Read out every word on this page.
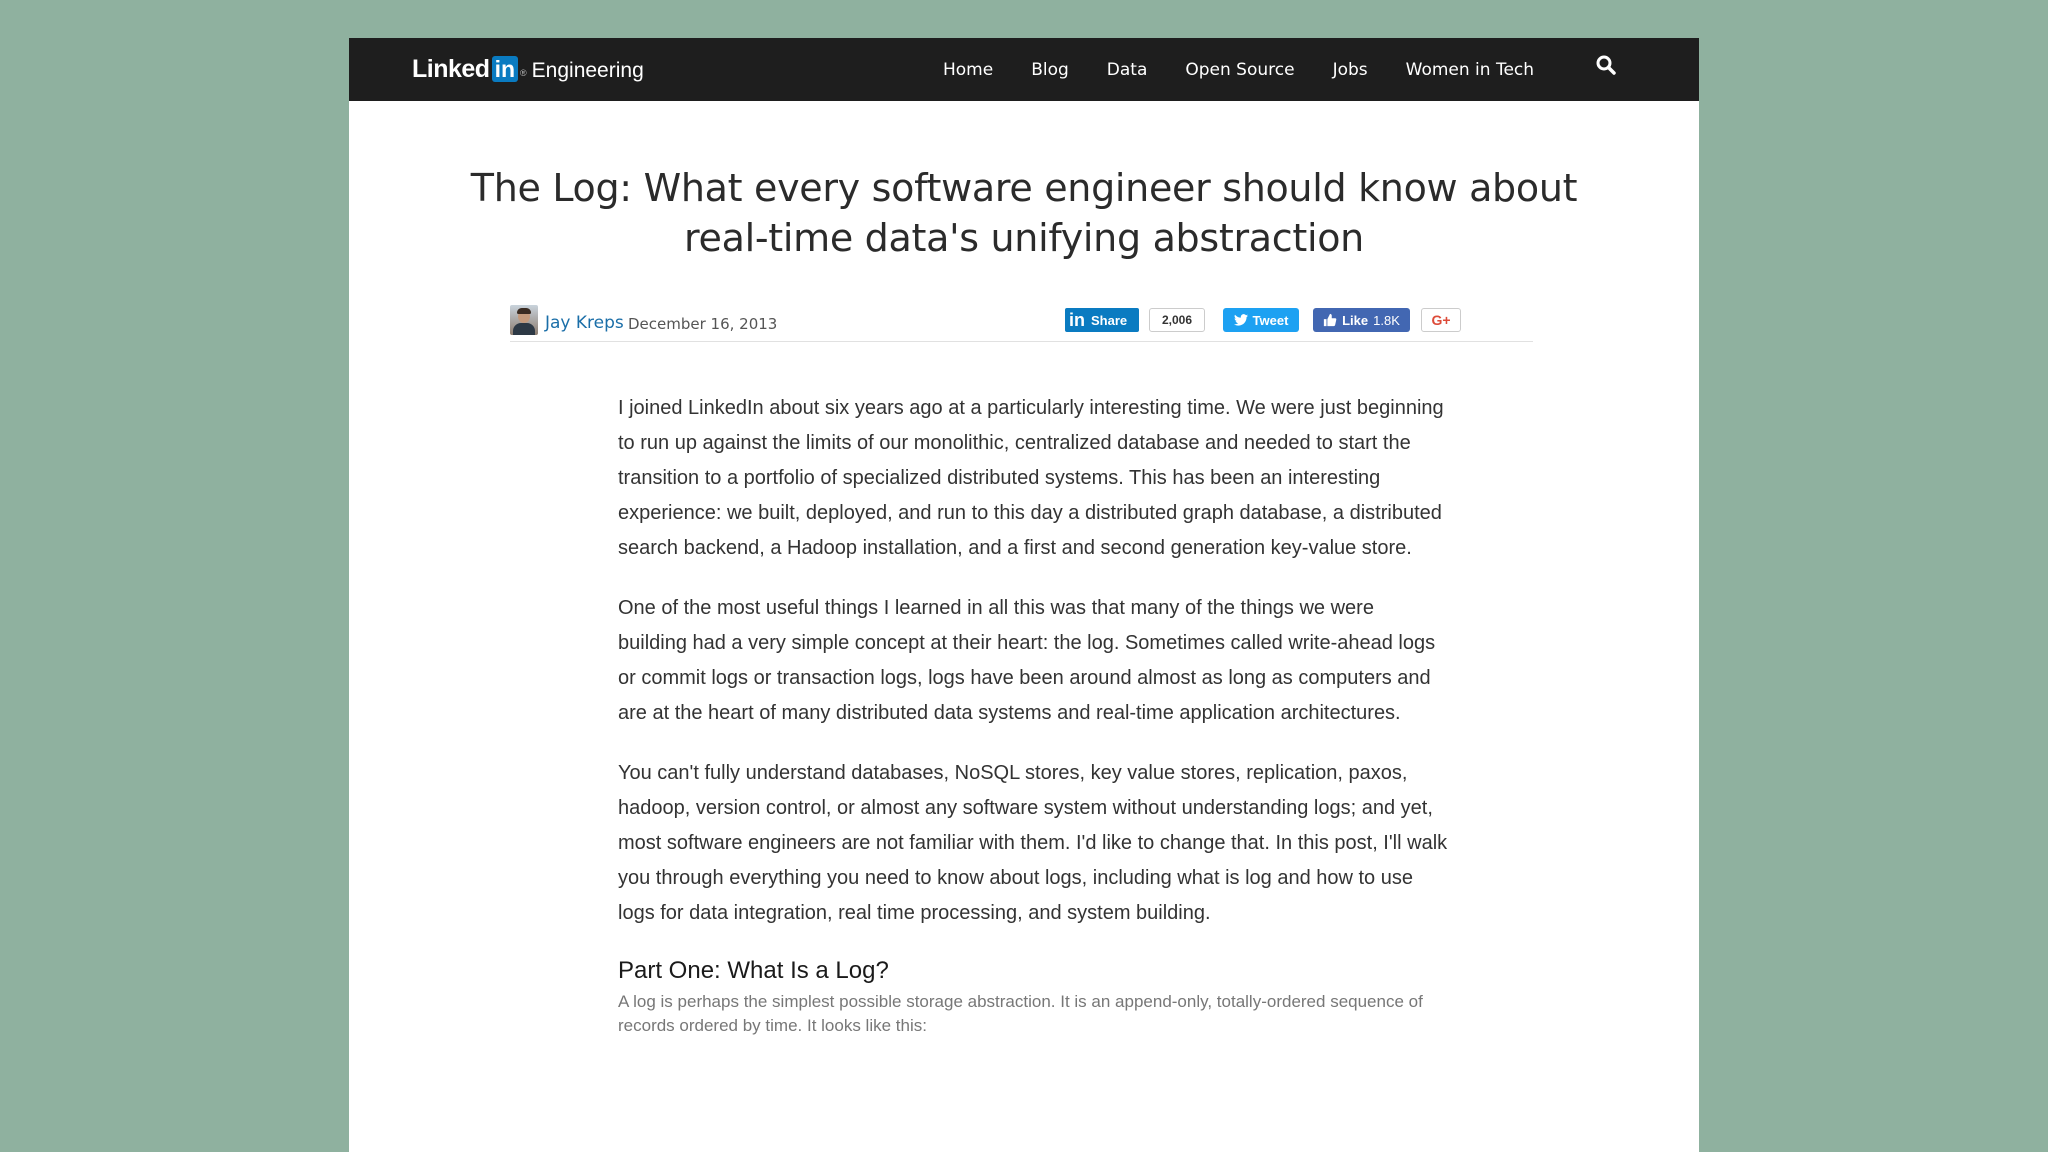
Linked in ® Engineering	Home Blog Data Open Source Jobs Women in Tech
The Log: What every software engineer should know about real-time data's unifying abstraction
Jay Kreps December 16, 2013	in Share	2,006	Tweet	Like 1.8K	G+

I joined LinkedIn about six years ago at a particularly interesting time. We were just beginning to run up against the limits of our monolithic, centralized database and needed to start the transition to a portfolio of specialized distributed systems. This has been an interesting experience: we built, deployed, and run to this day a distributed graph database, a distributed search backend, a Hadoop installation, and a first and second generation key-value store.

One of the most useful things I learned in all this was that many of the things we were building had a very simple concept at their heart: the log. Sometimes called write-ahead logs or commit logs or transaction logs, logs have been around almost as long as computers and are at the heart of many distributed data systems and real-time application architectures.

You can't fully understand databases, NoSQL stores, key value stores, replication, paxos, hadoop, version control, or almost any software system without understanding logs; and yet, most software engineers are not familiar with them. I'd like to change that. In this post, I'll walk you through everything you need to know about logs, including what is log and how to use logs for data integration, real time processing, and system building.

Part One: What Is a Log?

A log is perhaps the simplest possible storage abstraction. It is an append-only, totally-ordered sequence of records ordered by time. It looks like this:
